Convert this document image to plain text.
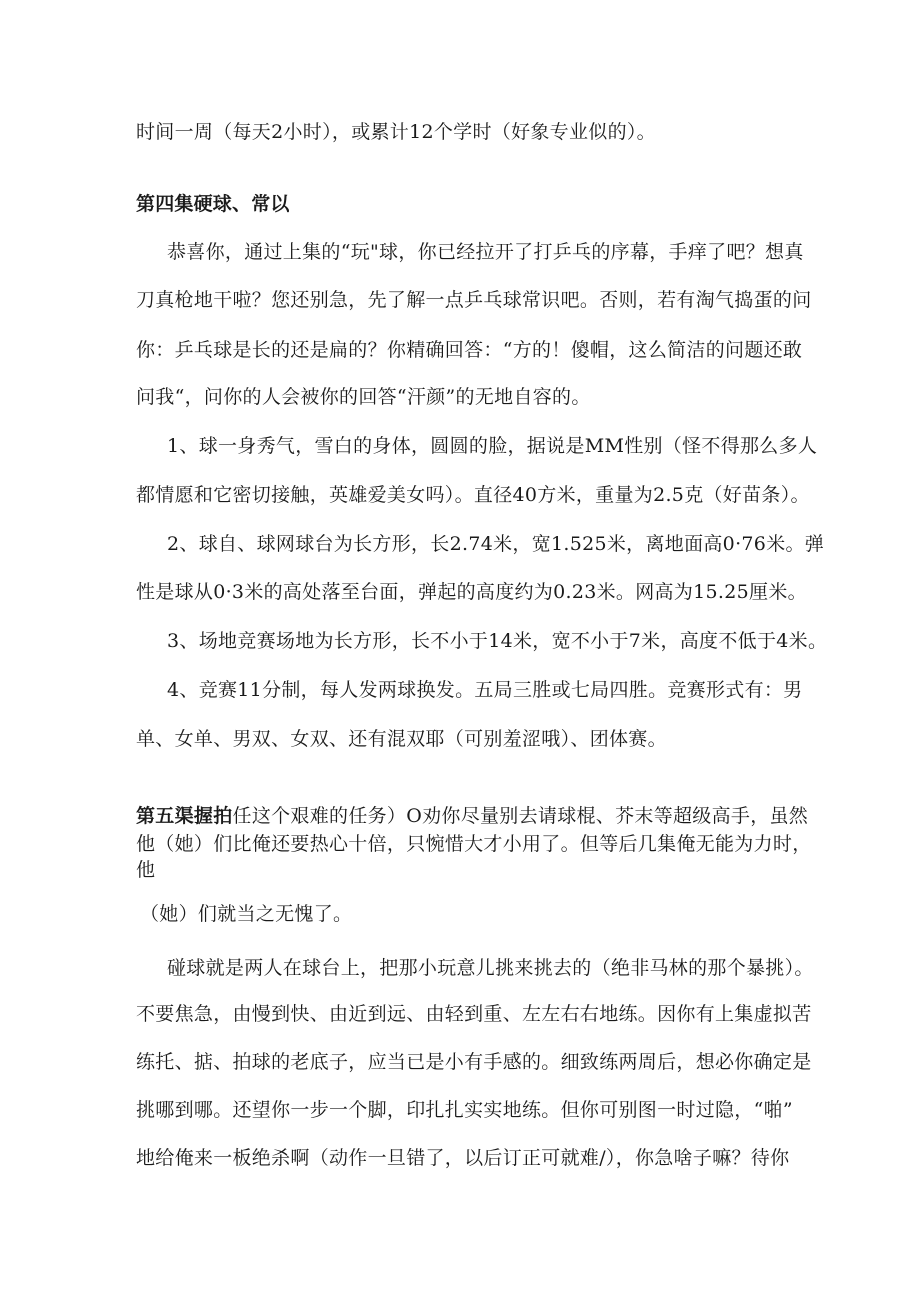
时间一周（每天2小时），或累计12个学时（好象专业似的）。
第四集硬球、常以
恭喜你，通过上集的“玩"球，你已经拉开了打乒乓的序幕，手痒了吧？想真
刀真枪地干啦？您还别急，先了解一点乒乓球常识吧。否则，若有淘气捣蛋的问
你：乒乓球是长的还是扁的？你精确回答：“方的！傻帽，这么简洁的问题还敢
问我“，问你的人会被你的回答“汗颜”的无地自容的。
1、球一身秀气，雪白的身体，圆圆的脸，据说是MM性别（怪不得那么多人
都情愿和它密切接触，英雄爱美女吗）。直径40方米，重量为2.5克（好苗条）。
2、球自、球网球台为长方形，长2.74米，宽1.525米，离地面高0·76米。弹
性是球从0·3米的高处落至台面，弹起的高度约为0.23米。网高为15.25厘米。
3、场地竞赛场地为长方形，长不小于14米，宽不小于7米，高度不低于4米。
4、竞赛11分制，每人发两球换发。五局三胜或七局四胜。竞赛形式有：男
单、女单、男双、女双、还有混双耶（可别羞涩哦）、团体赛。
第五渠握拍任这个艰难的任务）O劝你尽量别去请球棍、芥末等超级高手，虽然
他（她）们比俺还要热心十倍，只惋惜大才小用了。但等后几集俺无能为力时，
他
（她）们就当之无愧了。
碰球就是两人在球台上，把那小玩意儿挑来挑去的（绝非马林的那个暴挑）。
不要焦急，由慢到快、由近到远、由轻到重、左左右右地练。因你有上集虚拟苦
练托、掂、拍球的老底子，应当已是小有手感的。细致练两周后，想必你确定是
挑哪到哪。还望你一步一个脚，印扎扎实实地练。但你可别图一时过隐，“啪”
地给俺来一板绝杀啊（动作一旦错了，以后订正可就难/），你急啥子嘛？待你
